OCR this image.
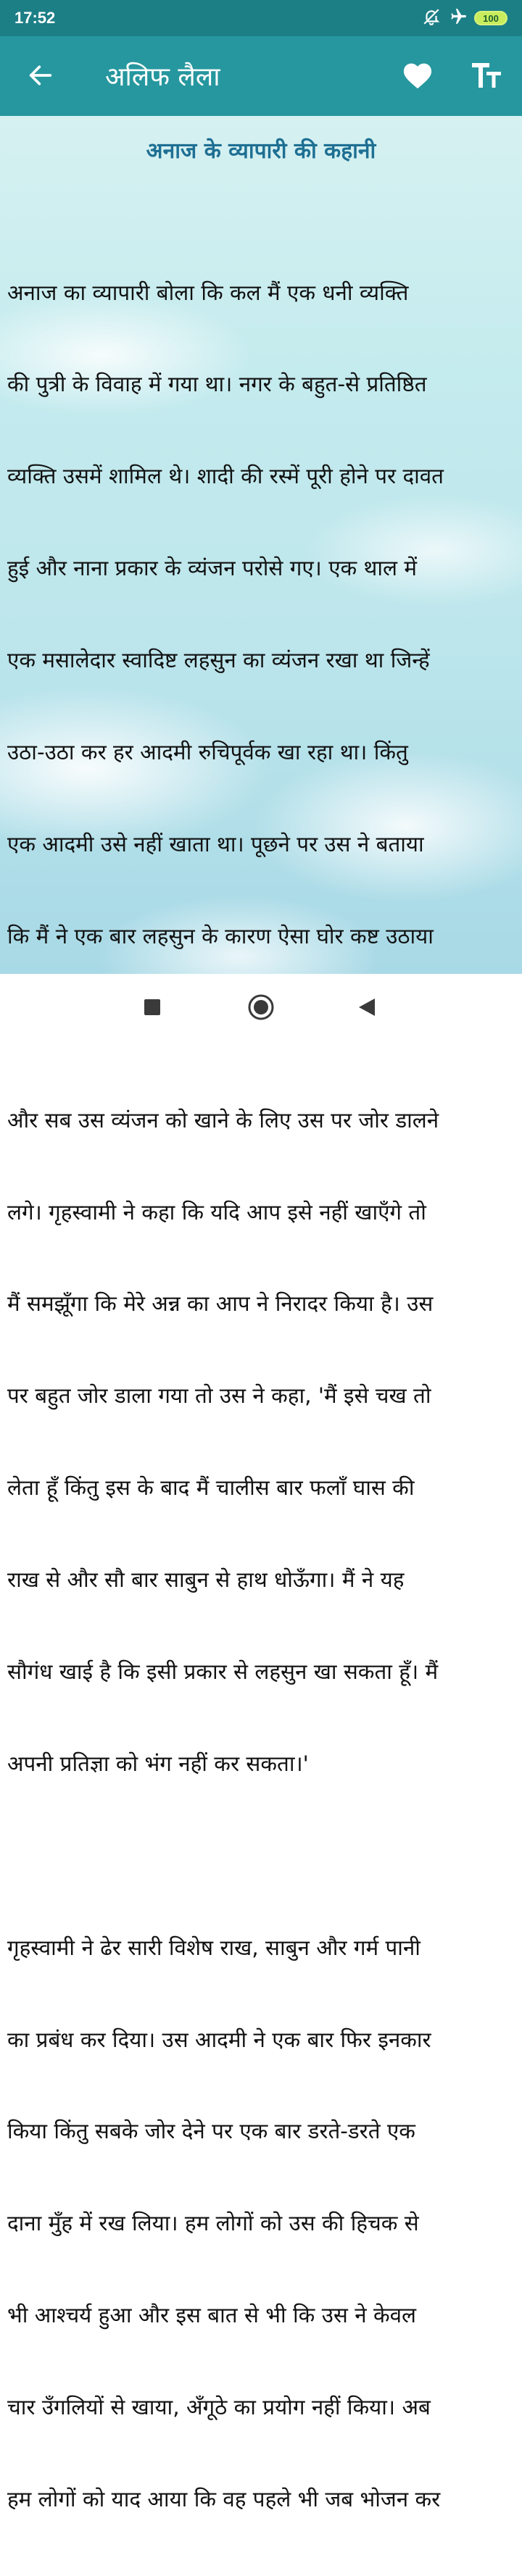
17:52	100
अलिफ लैला
अनाज के व्यापारी की कहानी

अनाज का व्यापारी बोला कि कल मैं एक धनी व्यक्ति

की पुत्री के विवाह में गया था। नगर के बहुत-से प्रतिष्ठित

व्यक्ति उसमें शामिल थे। शादी की रस्में पूरी होने पर दावत

हुई और नाना प्रकार के व्यंजन परोसे गए। एक थाल में

एक मसालेदार स्वादिष्ट लहसुन का व्यंजन रखा था जिन्हें

उठा-उठा कर हर आदमी रुचिपूर्वक खा रहा था। किंतु

एक आदमी उसे नहीं खाता था। पूछने पर उस ने बताया

कि मैं ने एक बार लहसुन के कारण ऐसा घोर कष्ट उठाया

और सब उस व्यंजन को खाने के लिए उस पर जोर डालने

लगे। गृहस्वामी ने कहा कि यदि आप इसे नहीं खाएँगे तो

मैं समझूँगा कि मेरे अन्न का आप ने निरादर किया है। उस

पर बहुत जोर डाला गया तो उस ने कहा, 'मैं इसे चख तो

लेता हूँ किंतु इस के बाद मैं चालीस बार फलाँ घास की

राख से और सौ बार साबुन से हाथ धोऊँगा। मैं ने यह

सौगंध खाई है कि इसी प्रकार से लहसुन खा सकता हूँ। मैं

अपनी प्रतिज्ञा को भंग नहीं कर सकता।'

गृहस्वामी ने ढेर सारी विशेष राख, साबुन और गर्म पानी

का प्रबंध कर दिया। उस आदमी ने एक बार फिर इनकार

किया किंतु सबके जोर देने पर एक बार डरते-डरते एक

दाना मुँह में रख लिया। हम लोगों को उस की हिचक से

भी आश्चर्य हुआ और इस बात से भी कि उस ने केवल

चार उँगलियों से खाया, अँगूठे का प्रयोग नहीं किया। अब

हम लोगों को याद आया कि वह पहले भी जब भोजन कर
